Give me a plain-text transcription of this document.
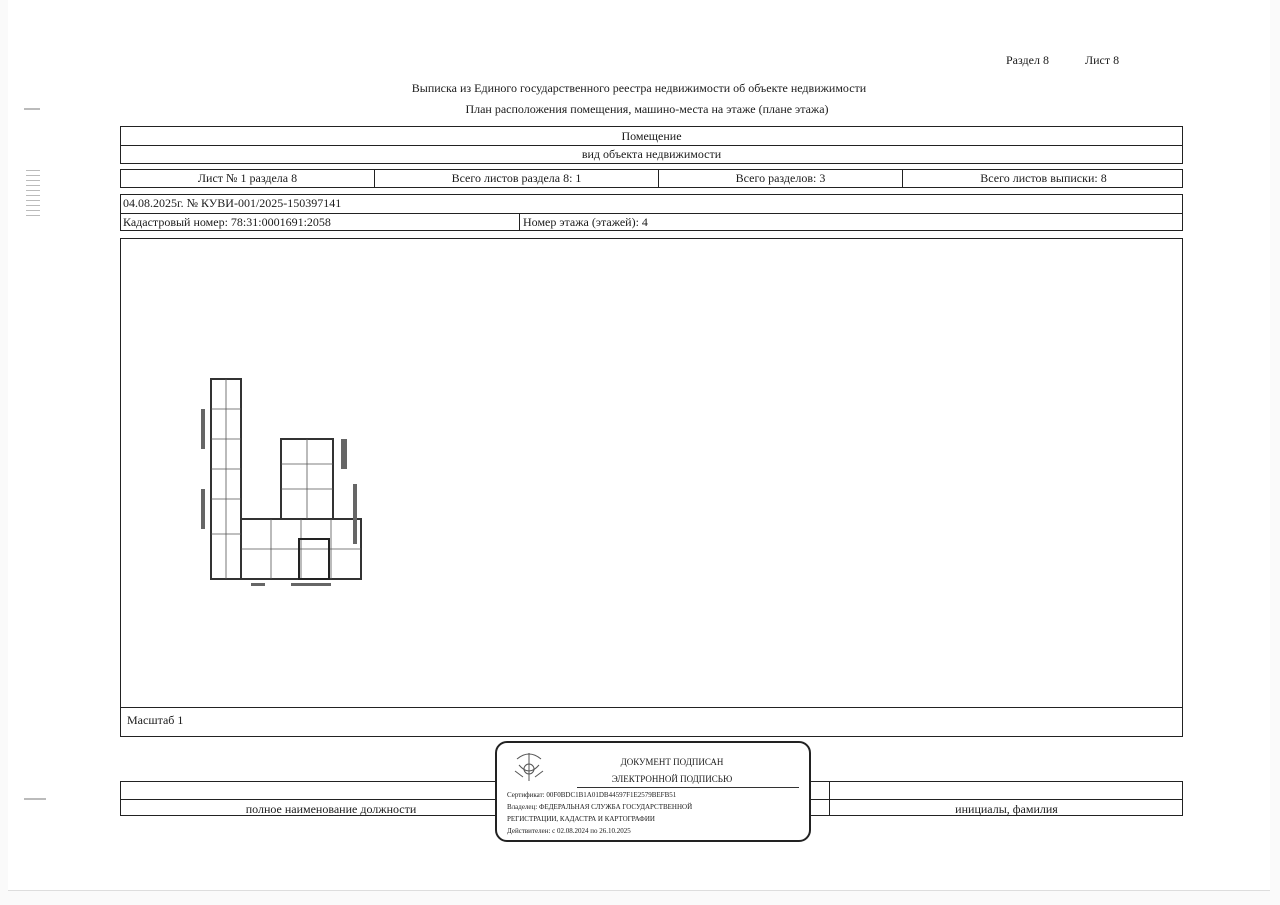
Раздел 8	Лист 8
Выписка из Единого государственного реестра недвижимости об объекте недвижимости
План расположения помещения, машино-места на этаже (плане этажа)
Помещение
вид объекта недвижимости
Лист № 1 раздела 8	Всего листов раздела 8: 1	Всего разделов: 3	Всего листов выписки: 8
04.08.2025г. № КУВИ-001/2025-150397141
Кадастровый номер: 78:31:0001691:2058	Номер этажа (этажей): 4
Масштаб 1
полное наименование должности	инициалы, фамилия
ДОКУМЕНТ ПОДПИСАН
ЭЛЕКТРОННОЙ ПОДПИСЬЮ
Сертификат: 00F0BDC1B1A01DB44597F1E2579BEFB51
Владелец: ФЕДЕРАЛЬНАЯ СЛУЖБА ГОСУДАРСТВЕННОЙ
РЕГИСТРАЦИИ, КАДАСТРА И КАРТОГРАФИИ
Действителен: с 02.08.2024 по 26.10.2025
